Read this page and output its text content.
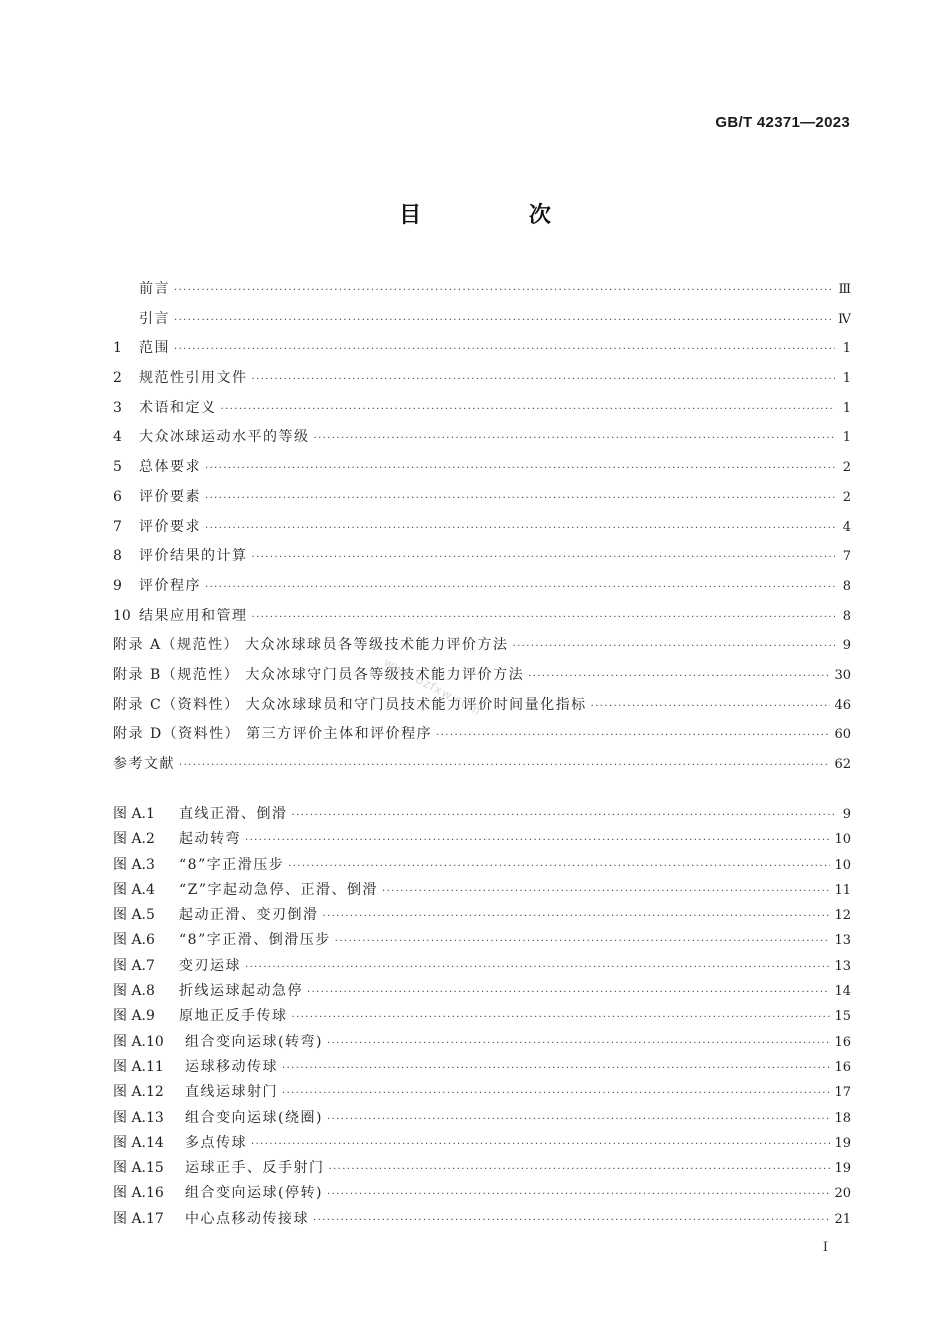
GB/T 42371—2023
目 次
前言 ·····	Ⅲ
引言 ·····	Ⅳ
1	范围 ·····	1
2	规范性引用文件 ·····	1
3	术语和定义 ·····	1
4	大众冰球运动水平的等级 ·····	1
5	总体要求 ·····	2
6	评价要素 ·····	2
7	评价要求 ·····	4
8	评价结果的计算 ·····	7
9	评价程序 ·····	8
10 结果应用和管理 ·····	8
附录 A（规范性） 大众冰球球员各等级技术能力评价方法 ·····	9
附录 B（规范性） 大众冰球守门员各等级技术能力评价方法 ·····	30
附录 C（资料性） 大众冰球球员和守门员技术能力评价时间量化指标 ·····	46
附录 D（资料性） 第三方评价主体和评价程序 ·····	60
参考文献 ·····	62
图 A.1	直线正滑、倒滑 ·····	9
图 A.2	起动转弯 ·····	10
图 A.3	“8”字正滑压步 ·····	10
图 A.4	“Z”字起动急停、正滑、倒滑 ·····	11
图 A.5	起动正滑、变刃倒滑 ·····	12
图 A.6	“8”字正滑、倒滑压步 ·····	13
图 A.7	变刃运球 ·····	13
图 A.8	折线运球起动急停 ·····	14
图 A.9	原地正反手传球 ·····	15
图 A.10	组合变向运球(转弯) ·····	16
图 A.11	运球移动传球 ·····	16
图 A.12	直线运球射门 ·····	17
图 A.13	组合变向运球(绕圈) ·····	18
图 A.14	多点传球 ·····	19
图 A.15	运球正手、反手射门 ·····	19
图 A.16	组合变向运球(停转) ·····	20
图 A.17	中心点移动传接球 ·····	21
www.bzfxw.com
I
